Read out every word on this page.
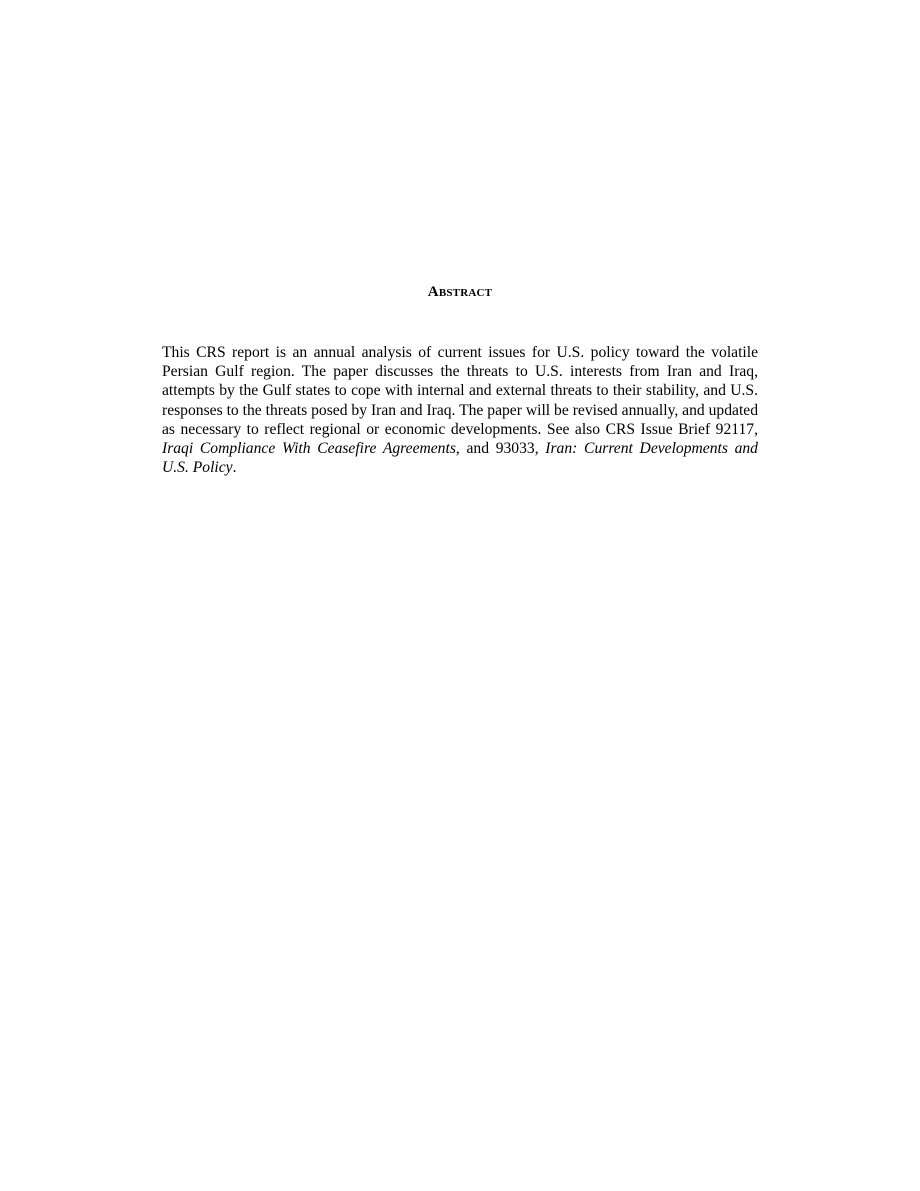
Abstract

This CRS report is an annual analysis of current issues for U.S. policy toward the volatile Persian Gulf region. The paper discusses the threats to U.S. interests from Iran and Iraq, attempts by the Gulf states to cope with internal and external threats to their stability, and U.S. responses to the threats posed by Iran and Iraq. The paper will be revised annually, and updated as necessary to reflect regional or economic developments. See also CRS Issue Brief 92117, Iraqi Compliance With Ceasefire Agreements, and 93033, Iran: Current Developments and U.S. Policy.
